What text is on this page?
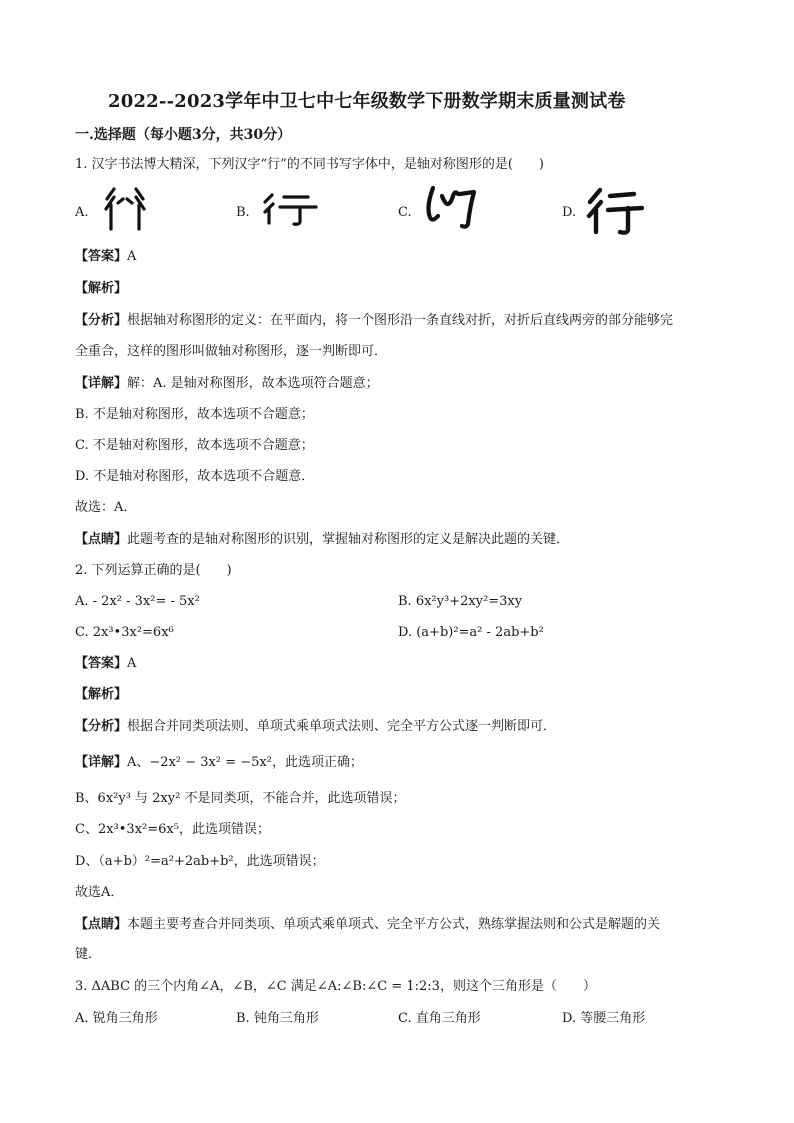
2022--2023学年中卫七中七年级数学下册数学期末质量测试卷
一.选择题（每小题3分，共30分）
1. 汉字书法博大精深，下列汉字“行”的不同书写字体中，是轴对称图形的是(　　)
A.	B.	C.	D.
【答案】A
【解析】
【分析】根据轴对称图形的定义：在平面内，将一个图形沿一条直线对折，对折后直线两旁的部分能够完
全重合，这样的图形叫做轴对称图形，逐一判断即可．
【详解】解：A. 是轴对称图形，故本选项符合题意；
B. 不是轴对称图形，故本选项不合题意；
C. 不是轴对称图形，故本选项不合题意；
D. 不是轴对称图形，故本选项不合题意．
故选：A．
【点睛】此题考查的是轴对称图形的识别，掌握轴对称图形的定义是解决此题的关键．
2. 下列运算正确的是(　　)
A. - 2x² - 3x²= - 5x²	B. 6x²y³+2xy²=3xy
C. 2x³•3x²=6x⁶	D. (a+b)²=a² - 2ab+b²
【答案】A
【解析】
【分析】根据合并同类项法则、单项式乘单项式法则、完全平方公式逐一判断即可．
【详解】A、−2x² − 3x² = −5x²，此选项正确；
B、6x²y³ 与 2xy² 不是同类项，不能合并，此选项错误；
C、2x³•3x²=6x⁵，此选项错误；
D、（a+b）²=a²+2ab+b²，此选项错误；
故选A．
【点睛】本题主要考查合并同类项、单项式乘单项式、完全平方公式，熟练掌握法则和公式是解题的关
键．
3. ΔABC 的三个内角∠A，∠B，∠C 满足∠A:∠B:∠C = 1:2:3，则这个三角形是（　　）
A. 锐角三角形	B. 钝角三角形	C. 直角三角形	D. 等腰三角形
